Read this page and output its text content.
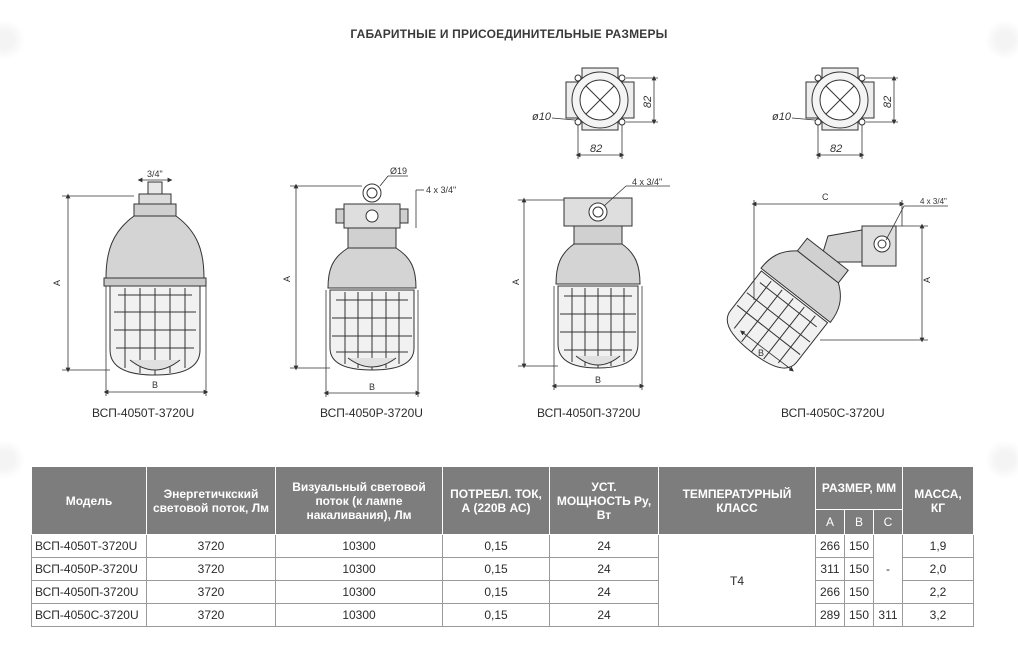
ГАБАРИТНЫЕ И ПРИСОЕДИНИТЕЛЬНЫЕ РАЗМЕРЫ
3/4"
A
B
Ø19
4 x 3/4"
A
B
82
82
ø10
4 x 3/4"
A
B
82
82
ø10
C	4 x 3/4"
A
B
ВСП-4050Т-3720U	ВСП-4050Р-3720U	ВСП-4050П-3720U	ВСП-4050С-3720U
Модель	Энергетичкский световой поток, Лм	Визуальный световой поток (к лампе накаливания), Лм	ПОТРЕБЛ. ТОК, А (220В АС)	УСТ. МОЩНОСТЬ Ру, Вт	ТЕМПЕРАТУРНЫЙ КЛАСС	РАЗМЕР, ММ			МАССА, КГ
						A	B	C	
ВСП-4050Т-3720U	3720	10300	0,15	24	Т4	266	150	-	1,9
ВСП-4050Р-3720U	3720	10300	0,15	24		311	150		2,0
ВСП-4050П-3720U	3720	10300	0,15	24		266	150		2,2
ВСП-4050С-3720U	3720	10300	0,15	24		289	150	311	3,2
